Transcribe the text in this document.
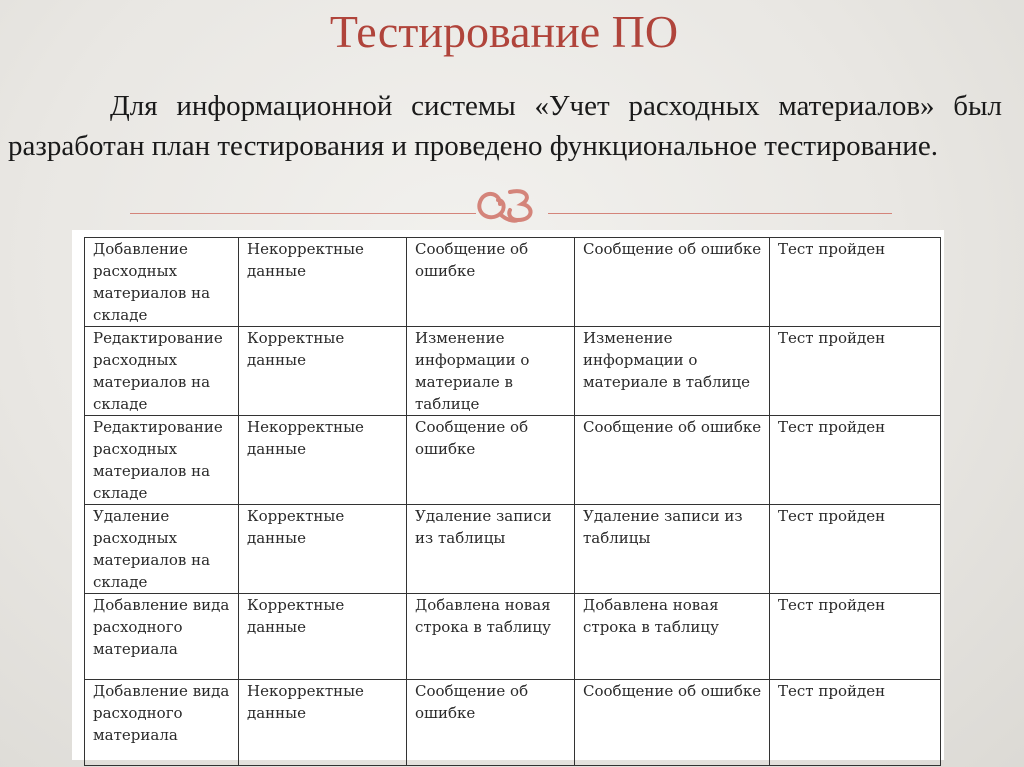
Тестирование ПО
Для информационной системы «Учет расходных материалов» был разработан план тестирования и проведено функциональное тестирование.
Добавление расходных материалов на складе	Некорректные данные	Сообщение об ошибке	Сообщение об ошибке	Тест пройден
Редактирование расходных материалов на складе	Корректные данные	Изменение информации о материале в таблице	Изменение информации о материале в таблице	Тест пройден
Редактирование расходных материалов на складе	Некорректные данные	Сообщение об ошибке	Сообщение об ошибке	Тест пройден
Удаление расходных материалов на складе	Корректные данные	Удаление записи из таблицы	Удаление записи из таблицы	Тест пройден
Добавление вида расходного материала	Корректные данные	Добавлена новая строка в таблицу	Добавлена новая строка в таблицу	Тест пройден
Добавление вида расходного материала	Некорректные данные	Сообщение об ошибке	Сообщение об ошибке	Тест пройден
